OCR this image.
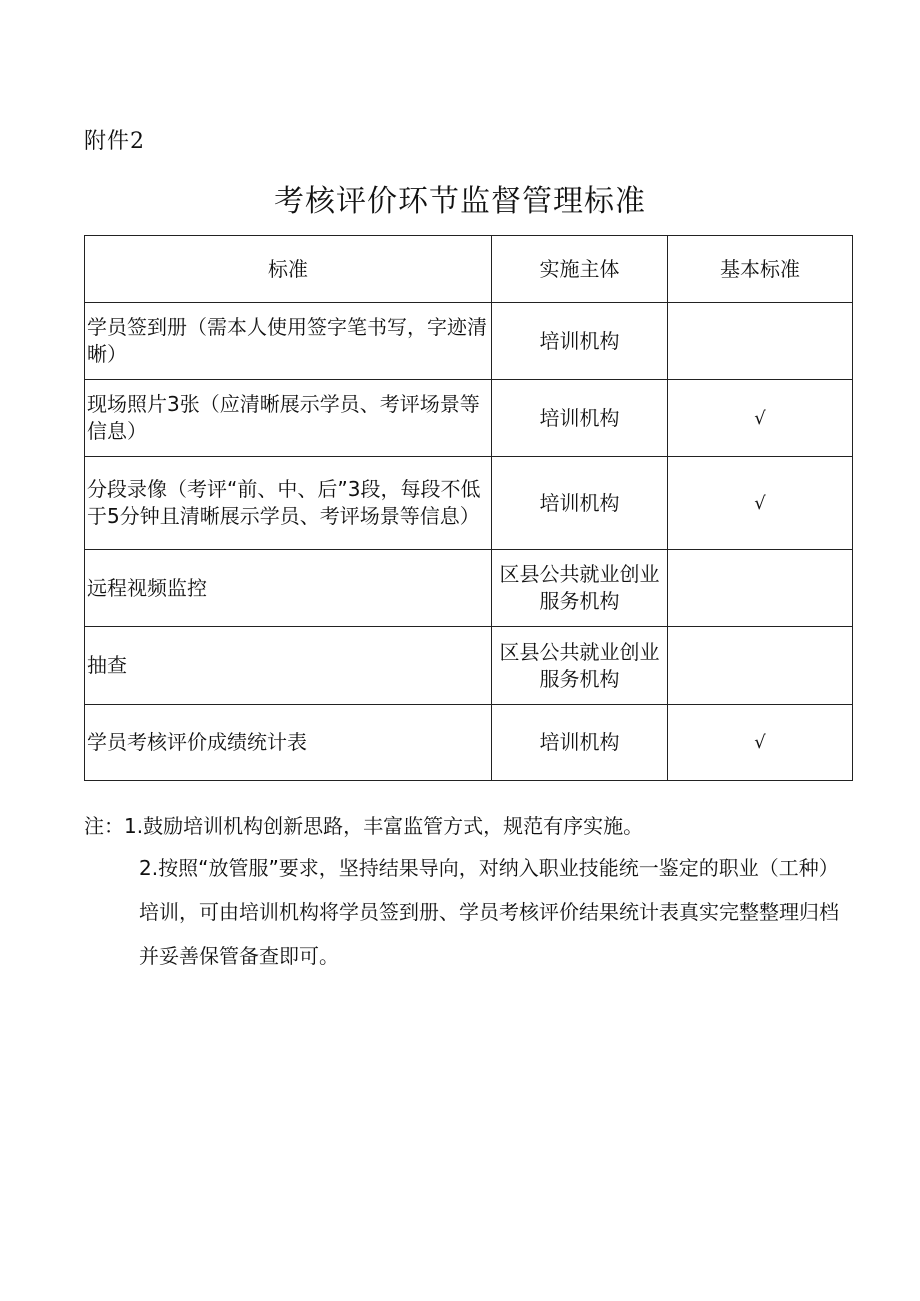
附件2
考核评价环节监督管理标准
标准	实施主体	基本标准
学员签到册（需本人使用签字笔书写，字迹清晰）	培训机构	
现场照片3张（应清晰展示学员、考评场景等信息）	培训机构	√
分段录像（考评“前、中、后”3段，每段不低于5分钟且清晰展示学员、考评场景等信息）	培训机构	√
远程视频监控	区县公共就业创业服务机构	
抽查	区县公共就业创业服务机构	
学员考核评价成绩统计表	培训机构	√
注：1.鼓励培训机构创新思路，丰富监管方式，规范有序实施。
2.按照“放管服”要求，坚持结果导向，对纳入职业技能统一鉴定的职业（工种）培训，可由培训机构将学员签到册、学员考核评价结果统计表真实完整整理归档并妥善保管备查即可。
